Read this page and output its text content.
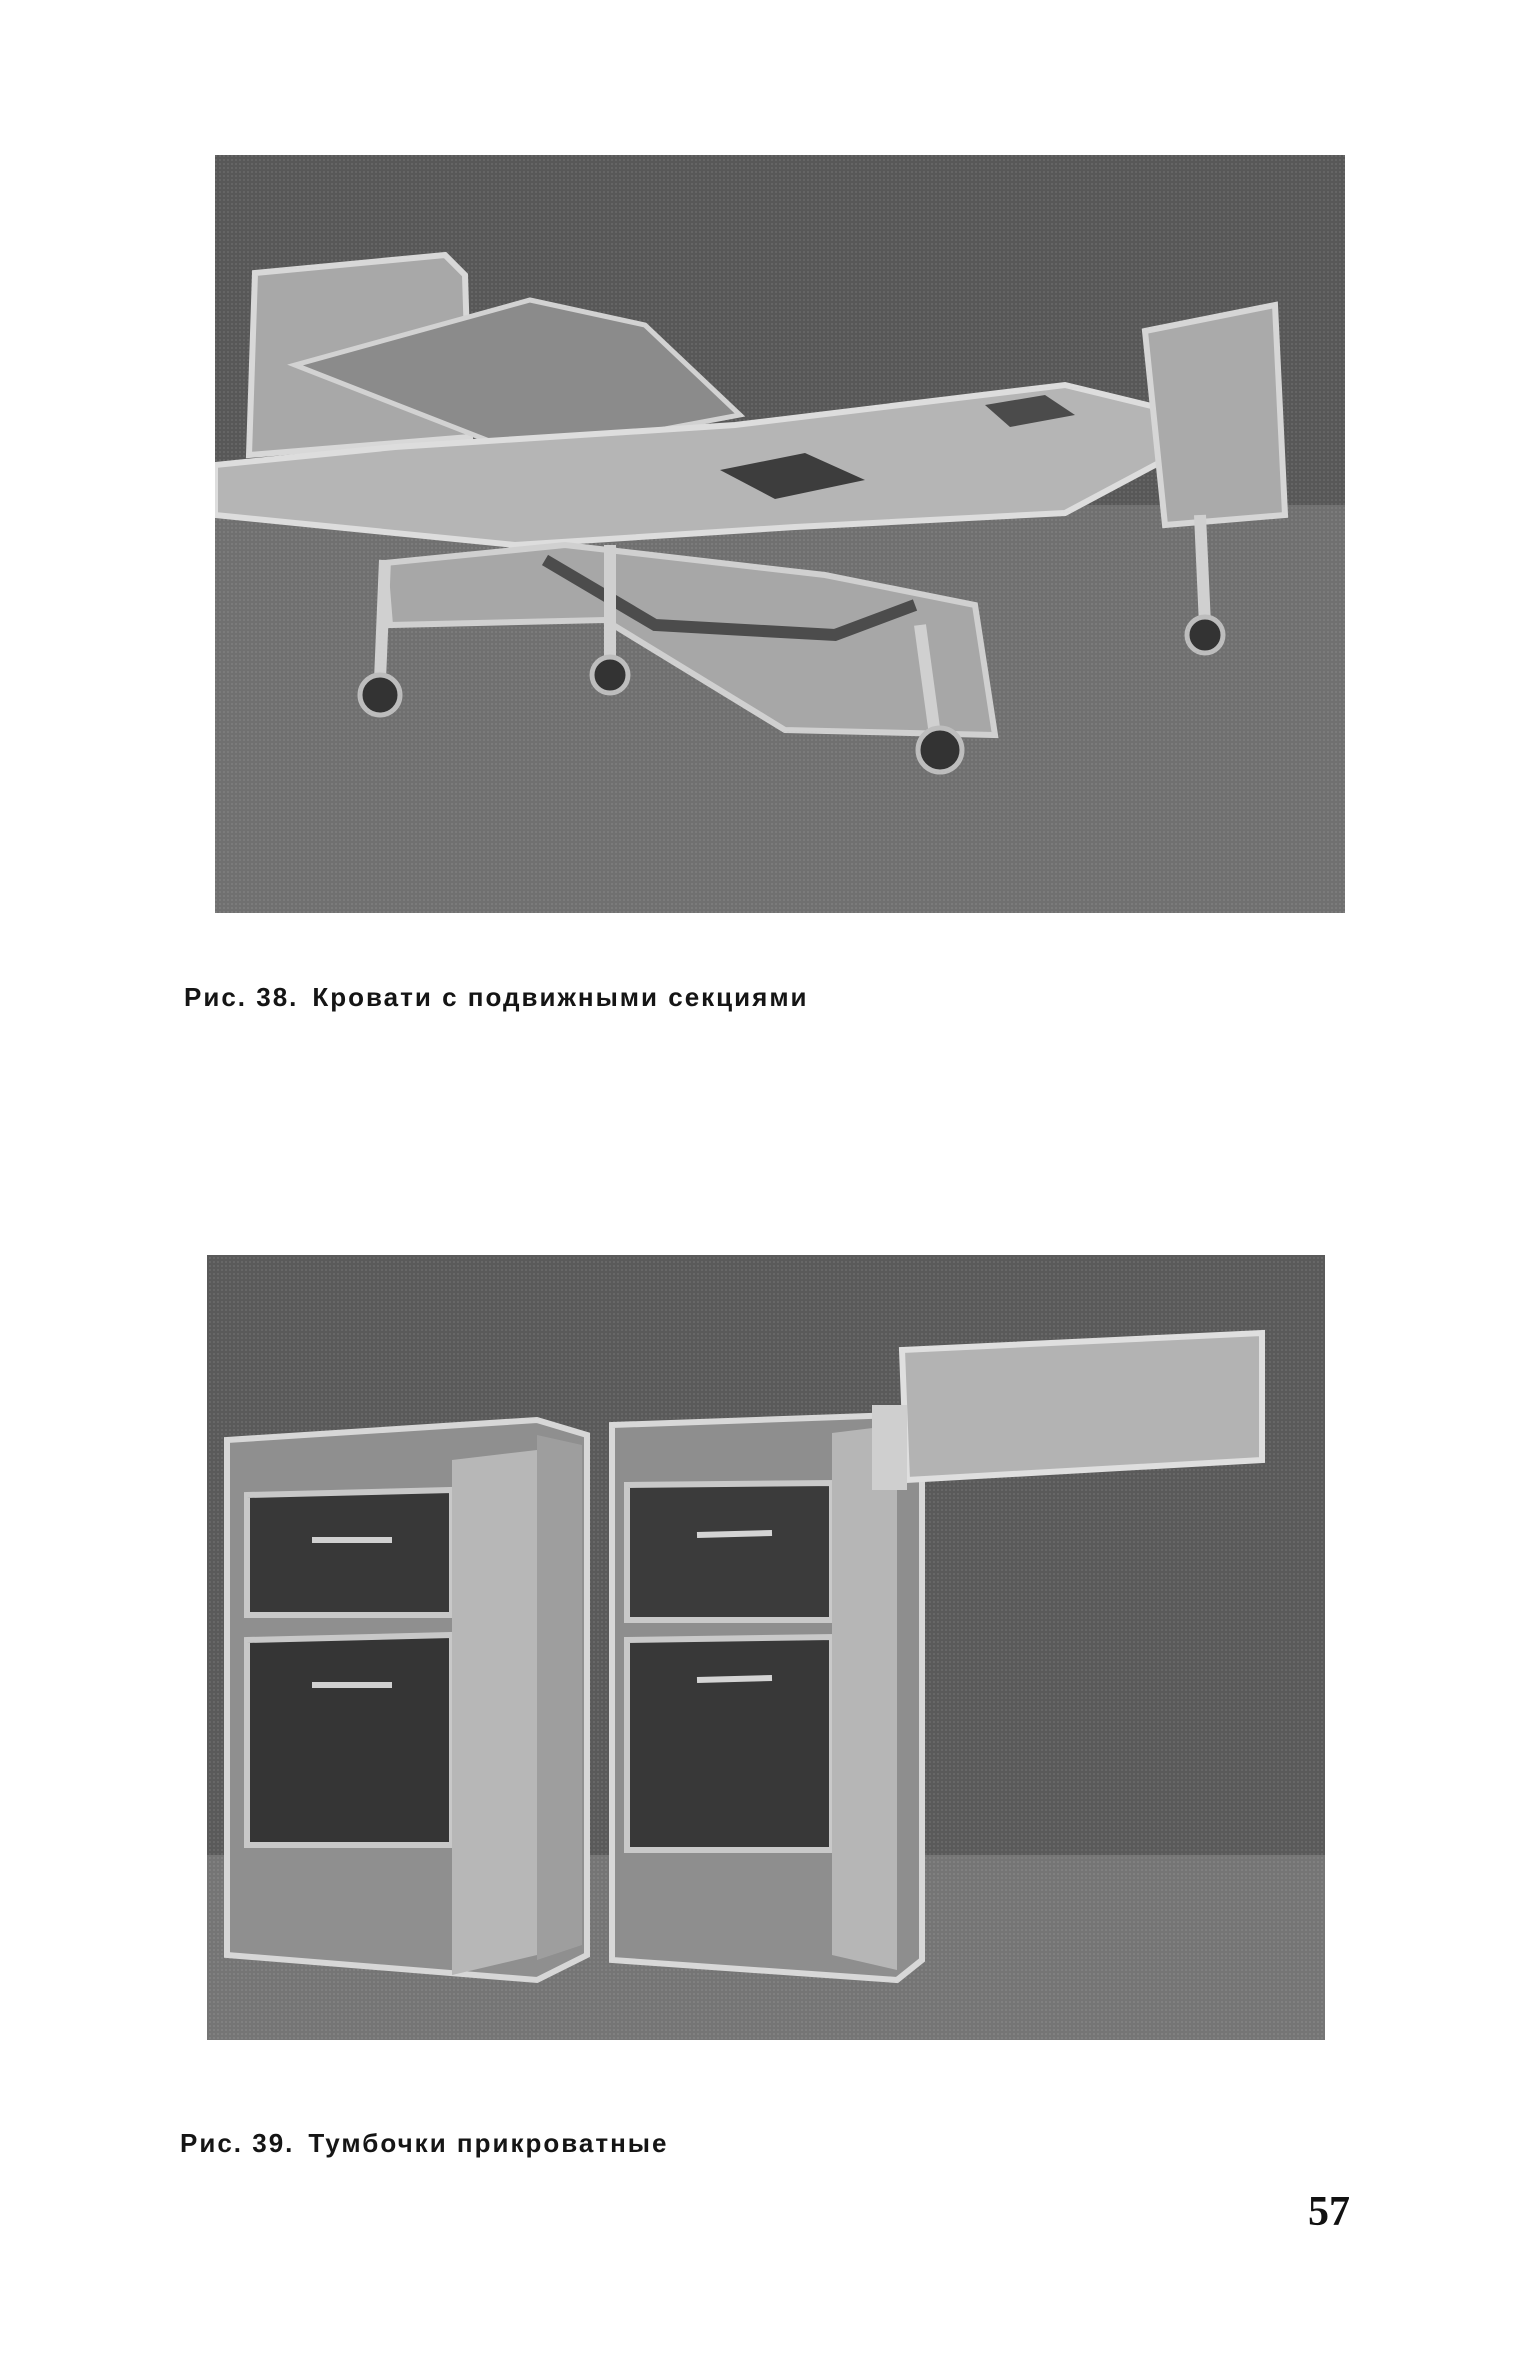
Рис. 38. Кровати с подвижными секциями
Рис. 39. Тумбочки прикроватные
57
